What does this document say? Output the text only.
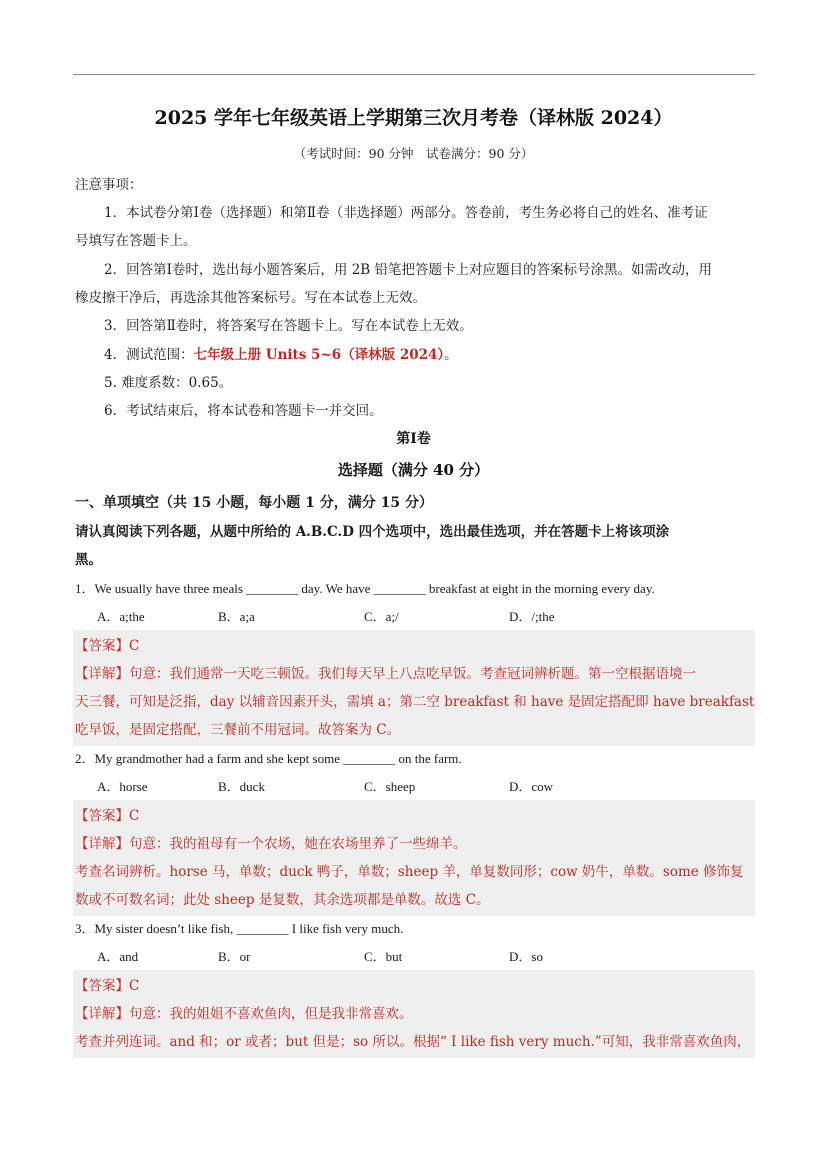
2025 学年七年级英语上学期第三次月考卷（译林版 2024）
（考试时间：90 分钟　试卷满分：90 分）
注意事项：
1．本试卷分第Ⅰ卷（选择题）和第Ⅱ卷（非选择题）两部分。答卷前，考生务必将自己的姓名、准考证
号填写在答题卡上。
2．回答第Ⅰ卷时，选出每小题答案后，用 2B 铅笔把答题卡上对应题目的答案标号涂黑。如需改动，用
橡皮擦干净后，再选涂其他答案标号。写在本试卷上无效。
3．回答第Ⅱ卷时，将答案写在答题卡上。写在本试卷上无效。
4．测试范围：七年级上册 Units 5~6（译林版 2024）。
5. 难度系数：0.65。
6．考试结束后，将本试卷和答题卡一并交回。
第Ⅰ卷
选择题（满分 40 分）
一、单项填空（共 15 小题，每小题 1 分，满分 15 分）
请认真阅读下列各题，从题中所给的 A.B.C.D 四个选项中，选出最佳选项，并在答题卡上将该项涂
黑。
1．We usually have three meals ________ day. We have ________ breakfast at eight in the morning every day.
A．a;the	B．a;a	C．a;/	D．/;the
【答案】C
【详解】句意：我们通常一天吃三顿饭。我们每天早上八点吃早饭。考查冠词辨析题。第一空根据语境一
天三餐，可知是泛指，day 以辅音因素开头，需填 a；第二空 breakfast 和 have 是固定搭配即 have breakfast
吃早饭，是固定搭配，三餐前不用冠词。故答案为 C。
2．My grandmother had a farm and she kept some ________ on the farm.
A．horse	B．duck	C．sheep	D．cow
【答案】C
【详解】句意：我的祖母有一个农场，她在农场里养了一些绵羊。
考查名词辨析。horse 马，单数；duck 鸭子，单数；sheep 羊，单复数同形；cow 奶牛，单数。some 修饰复
数或不可数名词；此处 sheep 是复数，其余选项都是单数。故选 C。
3．My sister doesn’t like fish, ________ I like fish very much.
A．and	B．or	C．but	D．so
【答案】C
【详解】句意：我的姐姐不喜欢鱼肉，但是我非常喜欢。
考查并列连词。and 和；or 或者；but 但是；so 所以。根据“ I like fish very much.”可知，我非常喜欢鱼肉，
